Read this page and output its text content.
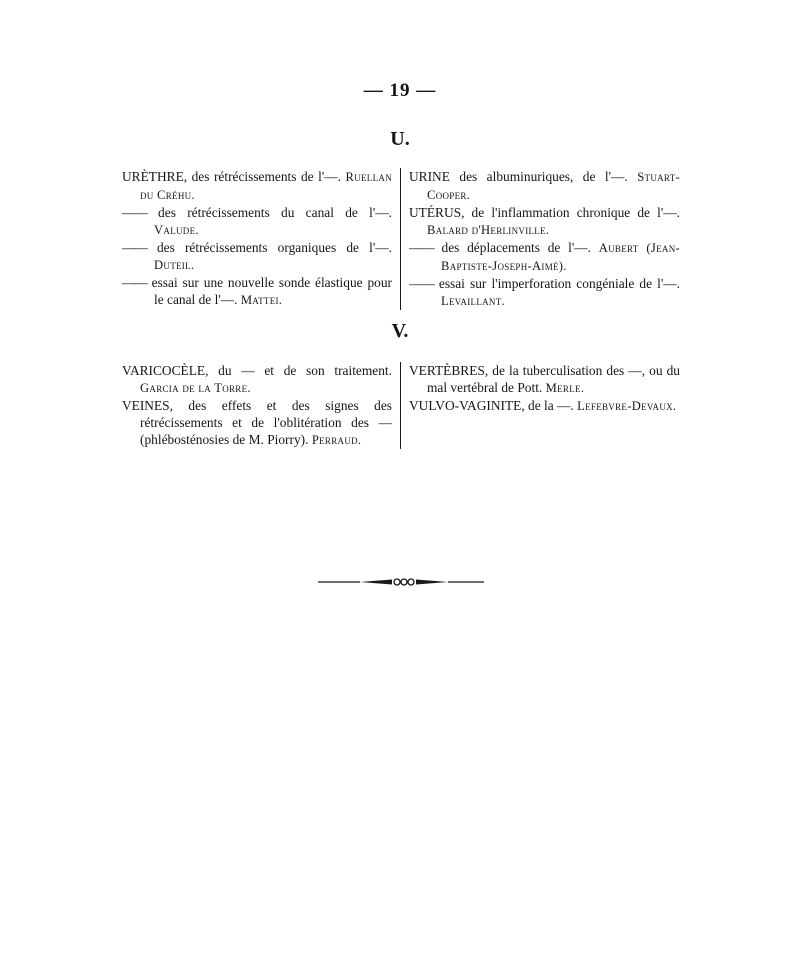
— 19 —
U.

URÈTHRE, des rétrécissements de l'—. Ruellan du Créhu.

—— des rétrécissements du canal de l'—. Valude.

—— des rétrécissements organiques de l'—. Duteil.

—— essai sur une nouvelle sonde élastique pour le canal de l'—. Mattei.

URINE des albuminuriques, de l'—. Stuart-Cooper.

UTÉRUS, de l'inflammation chronique de l'—. Balard d'Herlinville.

—— des déplacements de l'—. Aubert (Jean-Baptiste-Joseph-Aimé).

—— essai sur l'imperforation congéniale de l'—. Levaillant.

V.

VARICOCÈLE, du — et de son traitement. Garcia de la Torre.

VEINES, des effets et des signes des rétrécissements et de l'oblitération des — (phlébosténosies de M. Piorry). Perraud.

VERTÈBRES, de la tuberculisation des —, ou du mal vertébral de Pott. Merle.

VULVO-VAGINITE, de la —. Lefebvre-Devaux.
